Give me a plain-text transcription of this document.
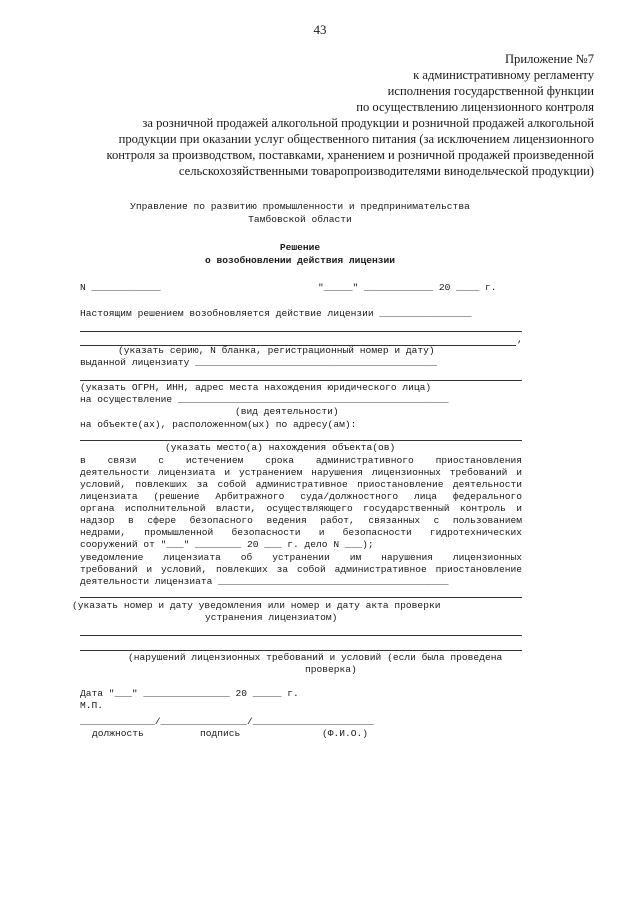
43
Приложение №7
к административному регламенту
исполнения государственной функции
по осуществлению лицензионного контроля
за розничной продажей алкогольной продукции и розничной продажей алкогольной
продукции при оказании услуг общественного питания (за исключением лицензионного
контроля за производством, поставками, хранением и розничной продажей произведенной
сельскохозяйственными товаропроизводителями винодельческой продукции)
Управление по развитию промышленности и предпринимательства
Тамбовской области
Решение
о возобновлении действия лицензии
N ____________	"_____" ____________ 20 ____ г.
Настоящим решением возобновляется действие лицензии ________________
,
(указать серию, N бланка, регистрационный номер и дату)
выданной лицензиату __________________________________________
(указать ОГРН, ИНН, адрес места нахождения юридического лица)
на осуществление _______________________________________________
(вид деятельности)
на объекте(ах), расположенном(ых) по адресу(ам):
(указать место(а) нахождения объекта(ов)
в связи с истечением срока административного приостановления
деятельности лицензиата и устранением нарушения лицензионных требований и
условий, повлекших за собой административное приостановление деятельности
лицензиата (решение Арбитражного суда/должностного лица федерального
органа исполнительной власти, осуществляющего государственный контроль и
надзор в сфере безопасного ведения работ, связанных с пользованием
недрами, промышленной безопасности и безопасности гидротехнических
сооружений от "___" ________ 20 ___ г. дело N ___);
уведомление лицензиата об устранении им нарушения лицензионных
требований и условий, повлекших за собой административное приостановление
деятельности лицензиата ________________________________________
(указать номер и дату уведомления или номер и дату акта проверки
устранения лицензиатом)
(нарушений лицензионных требований и условий (если была проведена
проверка)
Дата "___" _______________ 20 _____ г.
М.П.
_____________/_______________/_____________________
должность	подпись	(Ф.И.О.)
